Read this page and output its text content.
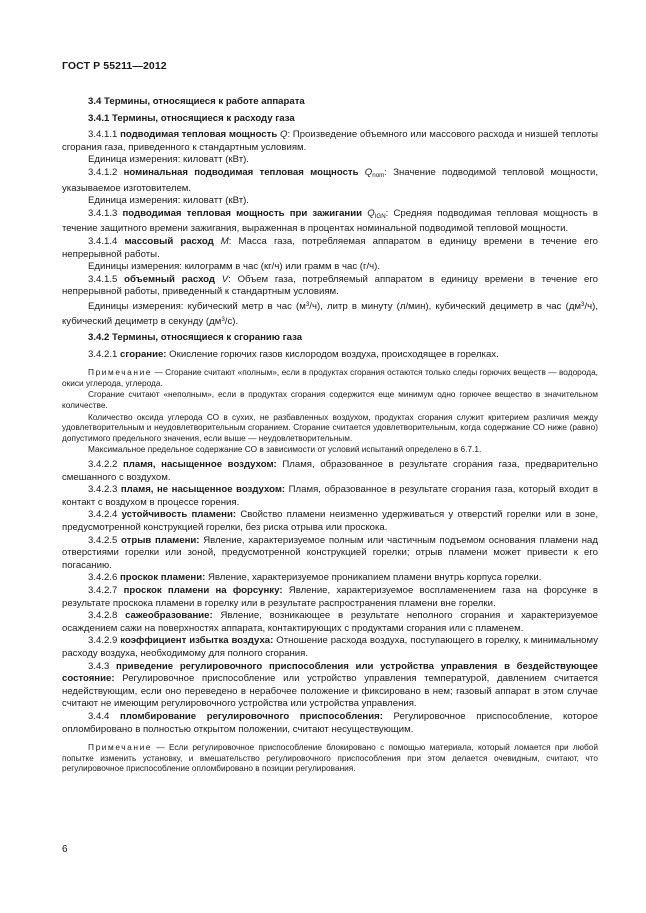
ГОСТ Р 55211—2012

3.4 Термины, относящиеся к работе аппарата

3.4.1 Термины, относящиеся к расходу газа

3.4.1.1 подводимая тепловая мощность Q: Произведение объемного или массового расхода и низшей теплоты сгорания газа, приведенного к стандартным условиям.

Единица измерения: киловатт (кВт).

3.4.1.2 номинальная подводимая тепловая мощность $Q_{nom}$: Значение подводимой тепловой мощности, указываемое изготовителем.

Единица измерения: киловатт (кВт).

3.4.1.3 подводимая тепловая мощность при зажигании $Q_{IGN}$: Средняя подводимая тепловая мощность в течение защитного времени зажигания, выраженная в процентах номинальной подводимой тепловой мощности.

3.4.1.4 массовый расход M: Масса газа, потребляемая аппаратом в единицу времени в течение его непрерывной работы.

Единицы измерения: килограмм в час (кг/ч) или грамм в час (г/ч).

3.4.1.5 объемный расход V: Объем газа, потребляемый аппаратом в единицу времени в течение его непрерывной работы, приведенный к стандартным условиям.

Единицы измерения: кубический метр в час $(м^3/ч)$, литр в минуту (л/мин), кубический дециметр в час $(дм^3/ч)$, кубический дециметр в секунду $(дм^3/с)$.

3.4.2 Термины, относящиеся к сгоранию газа

3.4.2.1 сгорание: Окисление горючих газов кислородом воздуха, происходящее в горелках.

Примечание — Сгорание считают «полным», если в продуктах сгорания остаются только следы горючих веществ — водорода, окиси углерода, углерода.

Сгорание считают «неполным», если в продуктах сгорания содержится еще минимум одно горючее вещество в значительном количестве.

Количество оксида углерода СО в сухих, не разбавленных воздухом, продуктах сгорания служит критерием различия между удовлетворительным и неудовлетворительным сгоранием. Сгорание считается удовлетворительным, когда содержание СО ниже (равно) допустимого предельного значения, если выше — неудовлетворительным.

Максимальное предельное содержание СО в зависимости от условий испытаний определено в 6.7.1.

3.4.2.2 пламя, насыщенное воздухом: Пламя, образованное в результате сгорания газа, предварительно смешанного с воздухом.

3.4.2.3 пламя, не насыщенное воздухом: Пламя, образованное в результате сгорания газа, который входит в контакт с воздухом в процессе горения.

3.4.2.4 устойчивость пламени: Свойство пламени неизменно удерживаться у отверстий горелки или в зоне, предусмотренной конструкцией горелки, без риска отрыва или проскока.

3.4.2.5 отрыв пламени: Явление, характеризуемое полным или частичным подъемом основания пламени над отверстиями горелки или зоной, предусмотренной конструкцией горелки; отрыв пламени может привести к его погасанию.

3.4.2.6 проскок пламени: Явление, характеризуемое проникanием пламени внутрь корпуса горелки.

3.4.2.7 проскок пламени на форсунку: Явление, характеризуемое воспламенением газа на форсунке в результате проскока пламени в горелку или в результате распространения пламени вне горелки.

3.4.2.8 сажеобразование: Явление, возникающее в результате неполного сгорания и характеризуемое осаждением сажи на поверхностях аппарата, контактирующих с продуктами сгорания или с пламенем.

3.4.2.9 коэффициент избытка воздуха: Отношение расхода воздуха, поступающего в горелку, к минимальному расходу воздуха, необходимому для полного сгорания.

3.4.3 приведение регулировочного приспособления или устройства управления в бездействующее состояние: Регулировочное приспособление или устройство управления температурой, давлением считается недействующим, если оно переведено в нерабочее положение и фиксировано в нем; газовый аппарат в этом случае считают не имеющим регулировочного устройства или устройства управления.

3.4.4 пломбирование регулировочного приспособления: Регулировочное приспособление, которое опломбировано в полностью открытом положении, считают несуществующим.

Примечание — Если регулировочное приспособление блокировано с помощью материала, который ломается при любой попытке изменить установку, и вмешательство регулировочного приспособления при этом делается очевидным, считают, что регулировочное приспособление опломбировано в позиции регулирования.

6
